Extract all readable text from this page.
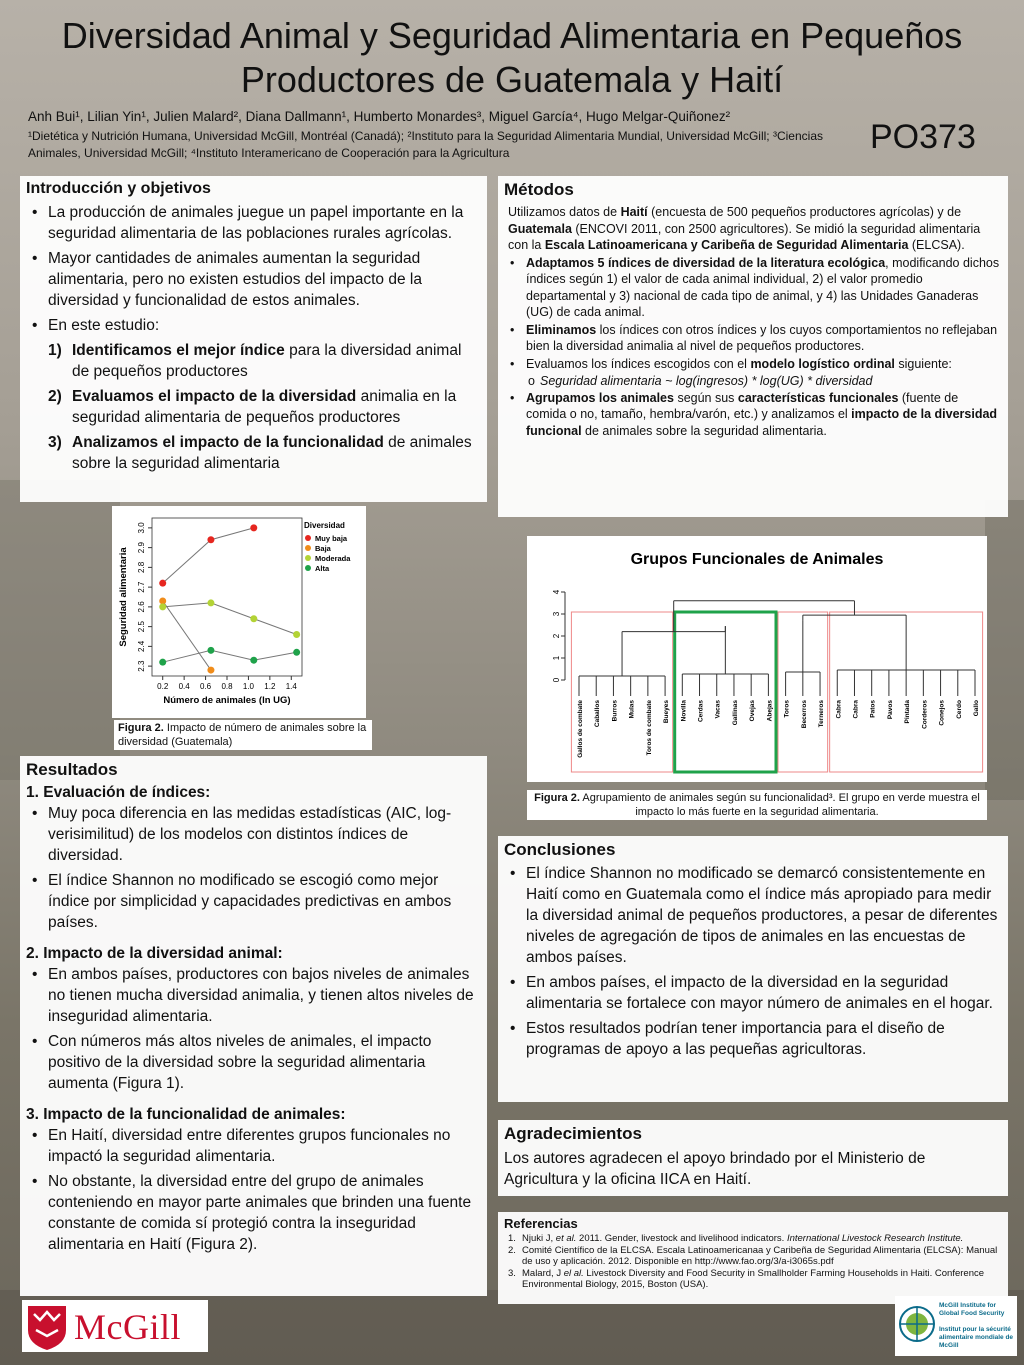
Diversidad Animal y Seguridad Alimentaria en Pequeños
Productores de Guatemala y Haití
Anh Bui¹, Lilian Yin¹, Julien Malard², Diana Dallmann¹, Humberto Monardes³, Miguel García⁴, Hugo Melgar-Quiñonez²
¹Dietética y Nutrición Humana, Universidad McGill, Montréal (Canadá); ²Instituto para la Seguridad Alimentaria Mundial, Universidad McGill; ³Ciencias Animales, Universidad McGill; ⁴Instituto Interamericano de Cooperación para la Agricultura	PO373
Introducción y objetivos
• La producción de animales juegue un papel importante en la seguridad alimentaria de las poblaciones rurales agrícolas.
• Mayor cantidades de animales aumentan la seguridad alimentaria, pero no existen estudios del impacto de la diversidad y funcionalidad de estos animales.
• En este estudio:
1) Identificamos el mejor índice para la diversidad animal de pequeños productores
2) Evaluamos el impacto de la diversidad animalia en la seguridad alimentaria de pequeños productores
3) Analizamos el impacto de la funcionalidad de animales sobre la seguridad alimentaria
Métodos
Utilizamos datos de Haití (encuesta de 500 pequeños productores agrícolas) y de Guatemala (ENCOVI 2011, con 2500 agricultores). Se midió la seguridad alimentaria con la Escala Latinoamericana y Caribeña de Seguridad Alimentaria (ELCSA).
• Adaptamos 5 índices de diversidad de la literatura ecológica, modificando dichos índices según 1) el valor de cada animal individual, 2) el valor promedio departamental y 3) nacional de cada tipo de animal, y 4) las Unidades Ganaderas (UG) de cada animal.
• Eliminamos los índices con otros índices y los cuyos comportamientos no reflejaban bien la diversidad animalia al nivel de pequeños productores.
• Evaluamos los índices escogidos con el modelo logístico ordinal siguiente:
o Seguridad alimentaria ~ log(ingresos) * log(UG) * diversidad
• Agrupamos los animales según sus características funcionales (fuente de comida o no, tamaño, hembra/varón, etc.) y analizamos el impacto de la diversidad funcional de animales sobre la seguridad alimentaria.
0.2 0.4 0.6 0.8 1.0 1.2 1.4
2.3
2.4
2.5
2.6
2.7
2.8
2.9
3.0
Número de animales (ln UG)
Seguridad alimentaria
Diversidad
Muy baja
Baja
Moderada
Alta
Figura 2. Impacto de número de animales sobre la diversidad (Guatemala)
Grupos Funcionales de Animales
0
1
2
3
4
Gallos de combate Caballos Burros Mulas Toros de combate Bueyes Novilla Cerdas Vacas Gallinas Ovejas Abejas Toros Becerros Terneros Cabra Cabra Patos Pavos Pintada Corderos Conejos Cerdo Gallo
Figura 2. Agrupamiento de animales según su funcionalidad³. El grupo en verde muestra el impacto lo más fuerte en la seguridad alimentaria.
Resultados
1. Evaluación de índices:
• Muy poca diferencia en las medidas estadísticas (AIC, log-verisimilitud) de los modelos con distintos índices de diversidad.
• El índice Shannon no modificado se escogió como mejor índice por simplicidad y capacidades predictivas en ambos países.
2. Impacto de la diversidad animal:
• En ambos países, productores con bajos niveles de animales no tienen mucha diversidad animalia, y tienen altos niveles de inseguridad alimentaria.
• Con números más altos niveles de animales, el impacto positivo de la diversidad sobre la seguridad alimentaria aumenta (Figura 1).
3. Impacto de la funcionalidad de animales:
• En Haití, diversidad entre diferentes grupos funcionales no impactó la seguridad alimentaria.
• No obstante, la diversidad entre del grupo de animales conteniendo en mayor parte animales que brinden una fuente constante de comida sí protegió contra la inseguridad alimentaria en Haití (Figura 2).
Conclusiones
• El índice Shannon no modificado se demarcó consistentemente en Haití como en Guatemala como el índice más apropiado para medir la diversidad animal de pequeños productores, a pesar de diferentes niveles de agregación de tipos de animales en las encuestas de ambos países.
• En ambos países, el impacto de la diversidad en la seguridad alimentaria se fortalece con mayor número de animales en el hogar.
• Estos resultados podrían tener importancia para el diseño de programas de apoyo a las pequeñas agricultoras.
Agradecimientos
Los autores agradecen el apoyo brindado por el Ministerio de Agricultura y la oficina IICA en Haití.
Referencias
1. Njuki J, et al. 2011. Gender, livestock and livelihood indicators. International Livestock Research Institute.
2. Comité Científico de la ELCSA. Escala Latinoamericanaa y Caribeña de Seguridad Alimentaria (ELCSA): Manual de uso y aplicación. 2012. Disponible en http://www.fao.org/3/a-i3065s.pdf
3. Malard, J el al. Livestock Diversity and Food Security in Smallholder Farming Households in Haiti. Conference Environmental Biology, 2015, Boston (USA).
McGill
McGill Institute for Global Food Security
Institut pour la sécurité alimentaire mondiale de McGill
